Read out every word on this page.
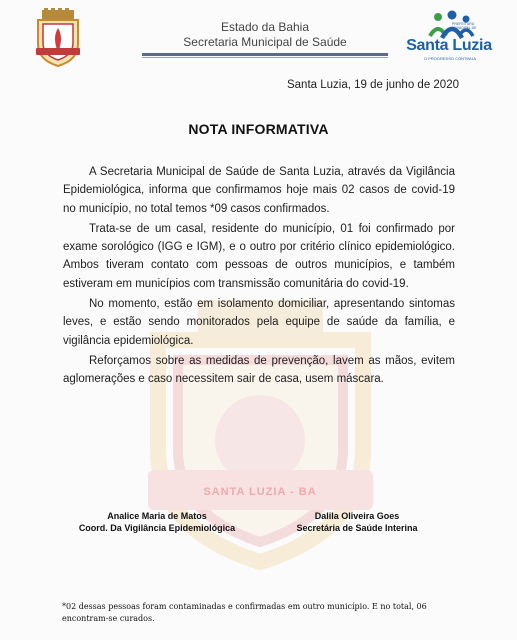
SANTA LUZIA - BA
Estado da Bahia
Secretaria Municipal de Saúde
PREFEITURA MUNICIPAL DE
Santa Luzia
O PROGRESSO CONTINUA
Santa Luzia, 19 de junho de 2020
NOTA INFORMATIVA

A Secretaria Municipal de Saúde de Santa Luzia, através da Vigilância Epidemiológica, informa que confirmamos hoje mais 02 casos de covid-19 no município, no total temos *09 casos confirmados.

Trata-se de um casal, residente do município, 01 foi confirmado por exame sorológico (IGG e IGM), e o outro por critério clínico epidemiológico. Ambos tiveram contato com pessoas de outros municípios, e também estiveram em municípios com transmissão comunitária do covid-19.

No momento, estão em isolamento domiciliar, apresentando sintomas leves, e estão sendo monitorados pela equipe de saúde da família, e vigilância epidemiológica.

Reforçamos sobre as medidas de prevenção, lavem as mãos, evitem aglomerações e caso necessitem sair de casa, usem máscara.

Analice Maria de Matos
Coord. Da Vigilância Epidemiológica
Dalila Oliveira Goes
Secretária de Saúde Interina
*02 dessas pessoas foram contaminadas e confirmadas em outro município. E no total, 06 encontram-se curados.
